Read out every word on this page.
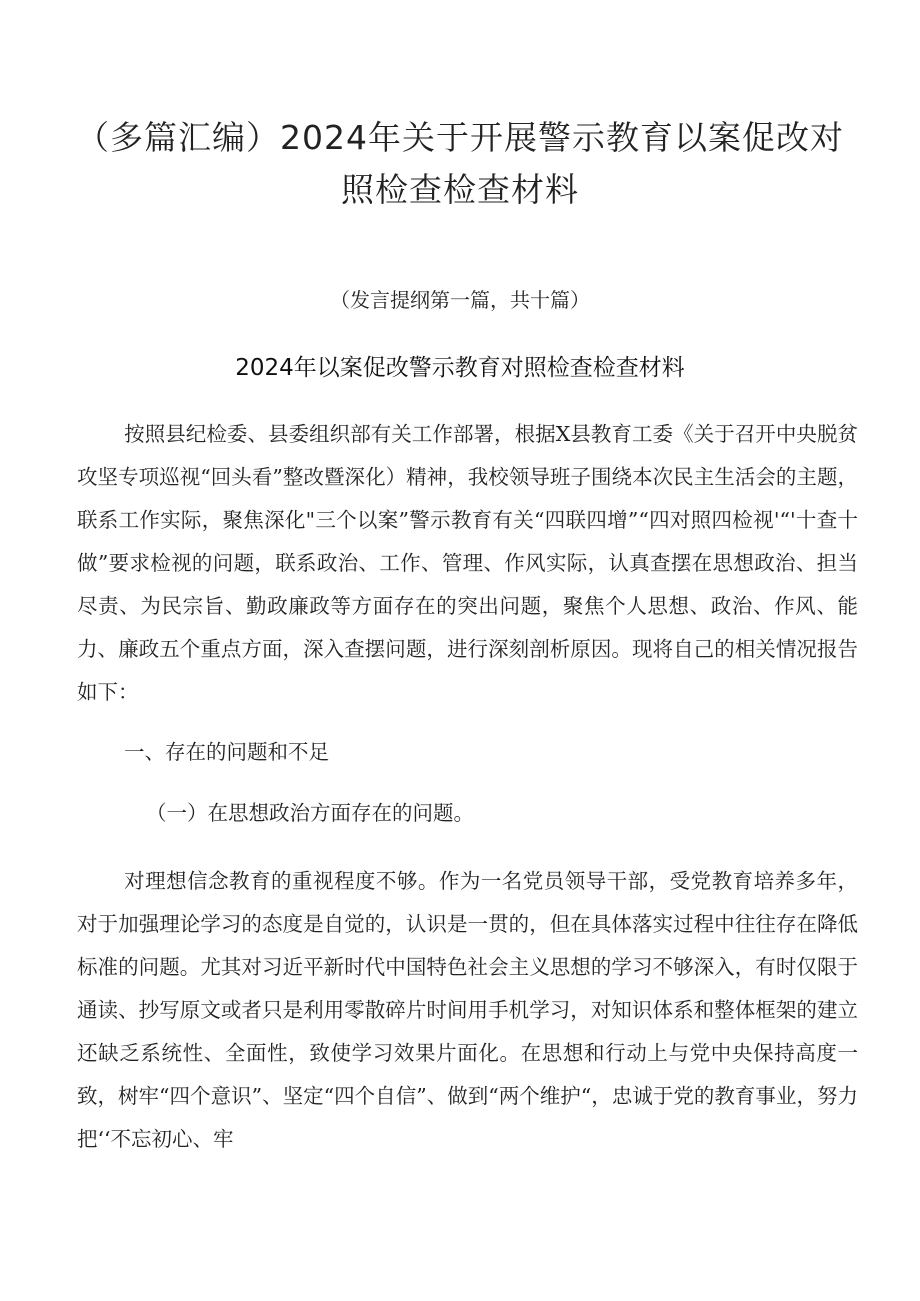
（多篇汇编）2024年关于开展警示教育以案促改对照检查检查材料
（发言提纲第一篇，共十篇）
2024年以案促改警示教育对照检查检查材料

按照县纪检委、县委组织部有关工作部署，根据X县教育工委《关于召开中央脱贫攻坚专项巡视“回头看”整改暨深化）精神，我校领导班子围绕本次民主生活会的主题，联系工作实际，聚焦深化"三个以案”警示教育有关“四联四增”“四对照四检视'“'十查十做”要求检视的问题，联系政治、工作、管理、作风实际，认真查摆在思想政治、担当尽责、为民宗旨、勤政廉政等方面存在的突出问题，聚焦个人思想、政治、作风、能力、廉政五个重点方面，深入查摆问题，进行深刻剖析原因。现将自己的相关情况报告如下：

一、存在的问题和不足
（一）在思想政治方面存在的问题。

对理想信念教育的重视程度不够。作为一名党员领导干部，受党教育培养多年，对于加强理论学习的态度是自觉的，认识是一贯的，但在具体落实过程中往往存在降低标准的问题。尤其对习近平新时代中国特色社会主义思想的学习不够深入，有时仅限于通读、抄写原文或者只是利用零散碎片时间用手机学习，对知识体系和整体框架的建立还缺乏系统性、全面性，致使学习效果片面化。在思想和行动上与党中央保持高度一致，树牢“四个意识”、坚定“四个自信”、做到“两个维护“，忠诚于党的教育事业，努力把‘‘不忘初心、牢
